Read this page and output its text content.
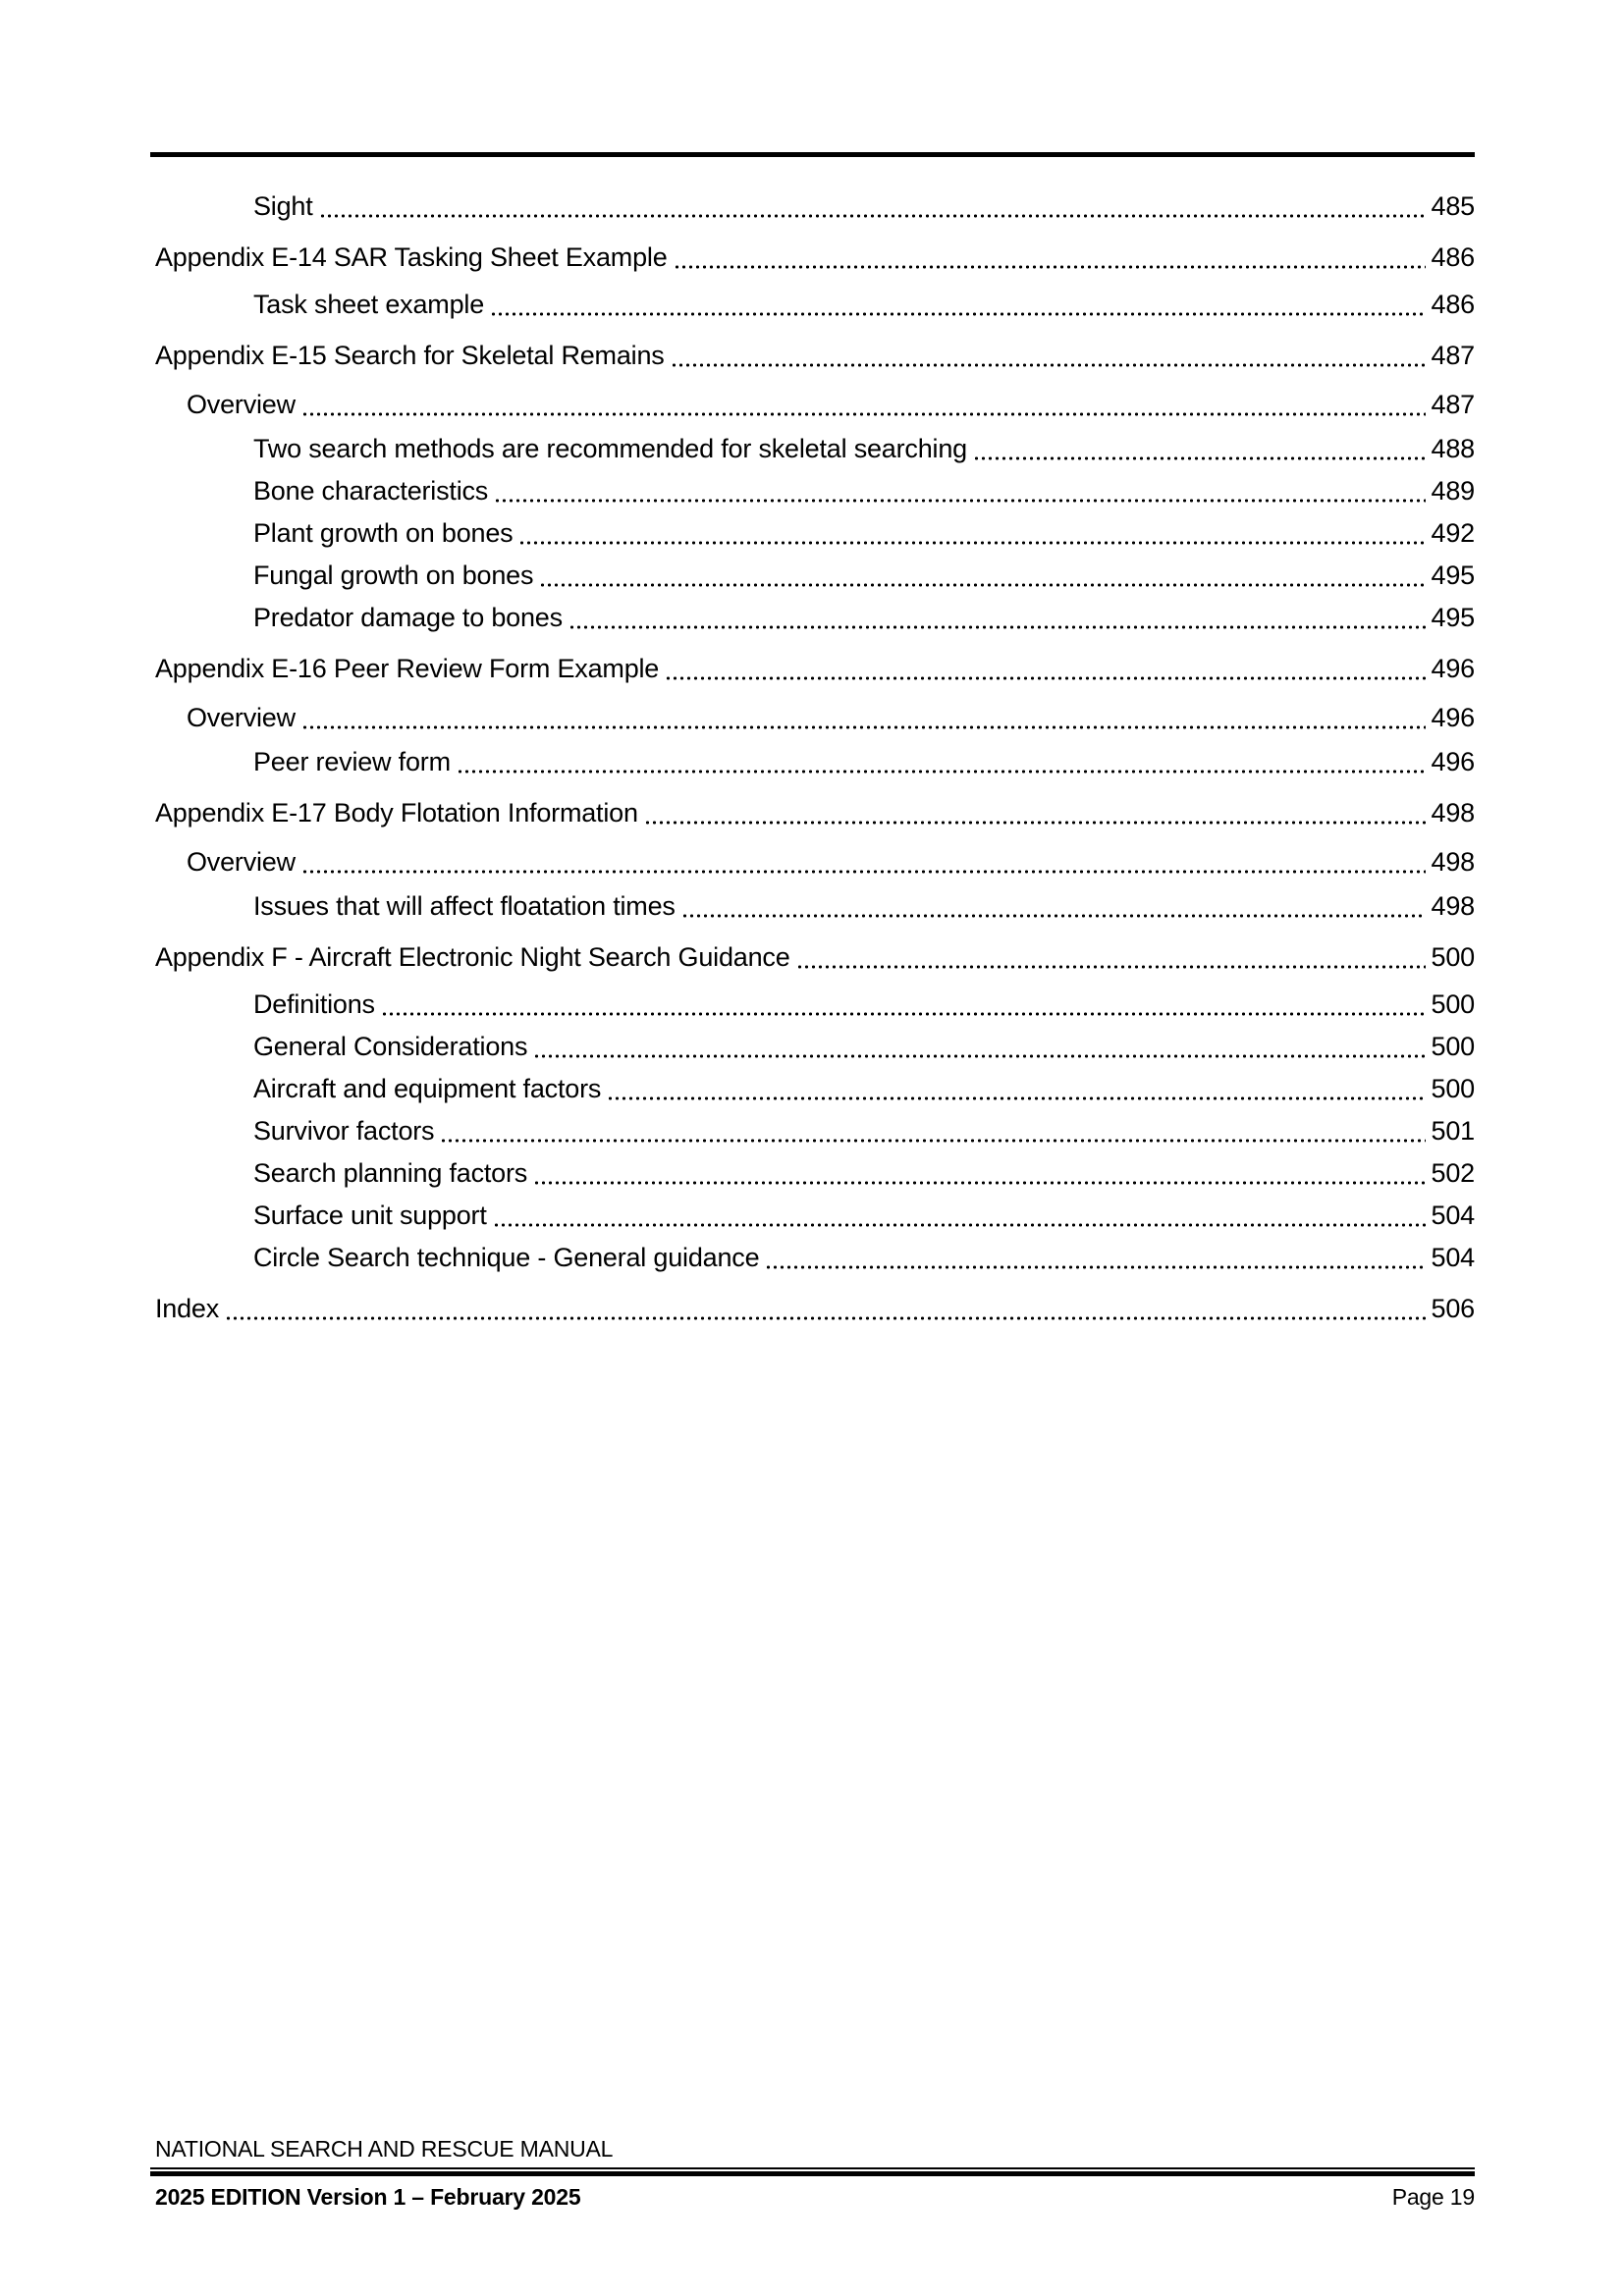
Sight	485
Appendix E-14 SAR Tasking Sheet Example	486
Task sheet example	486
Appendix E-15 Search for Skeletal Remains	487
Overview	487
Two search methods are recommended for skeletal searching	488
Bone characteristics	489
Plant growth on bones	492
Fungal growth on bones	495
Predator damage to bones	495
Appendix E-16 Peer Review Form Example	496
Overview	496
Peer review form	496
Appendix E-17 Body Flotation Information	498
Overview	498
Issues that will affect floatation times	498
Appendix F - Aircraft Electronic Night Search Guidance	500
Definitions	500
General Considerations	500
Aircraft and equipment factors	500
Survivor factors	501
Search planning factors	502
Surface unit support	504
Circle Search technique - General guidance	504
Index	506
NATIONAL SEARCH AND RESCUE MANUAL
2025 EDITION Version 1 – February 2025	Page 19
